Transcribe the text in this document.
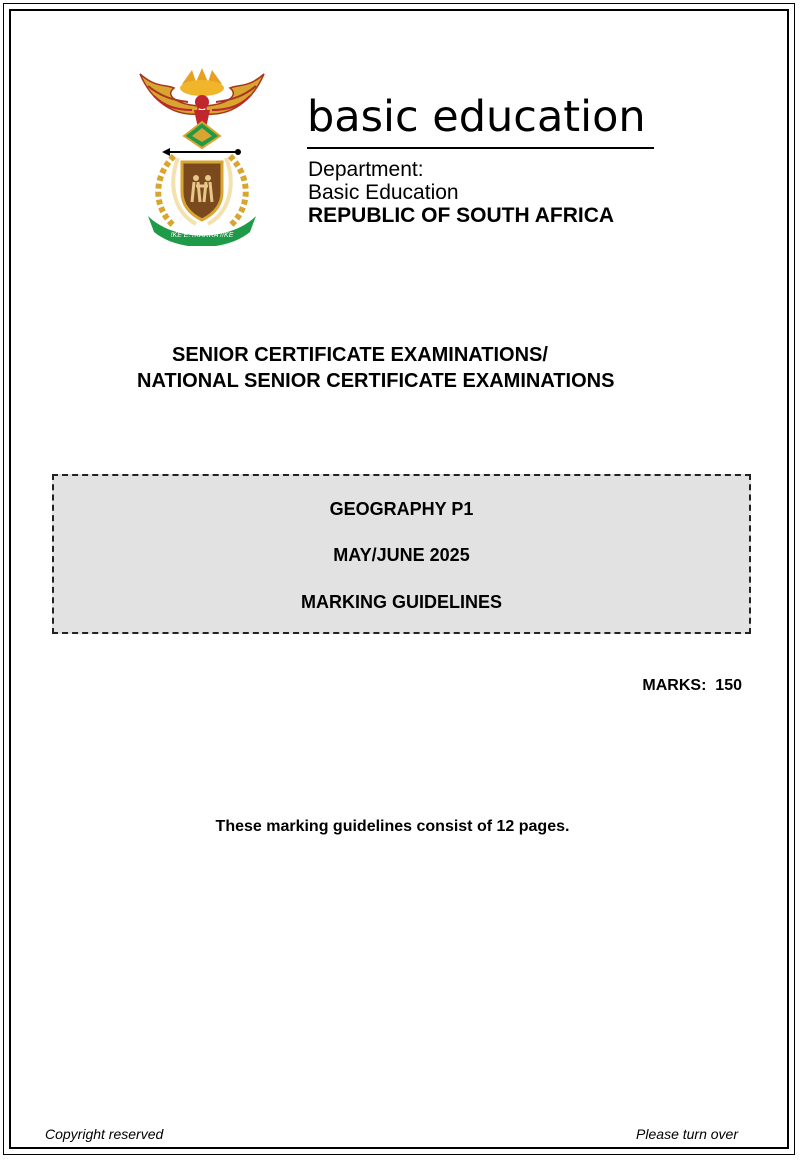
!KE E: /XARRA //KE
basic education
Department:
Basic Education
REPUBLIC OF SOUTH AFRICA
SENIOR CERTIFICATE EXAMINATIONS/
NATIONAL SENIOR CERTIFICATE EXAMINATIONS
GEOGRAPHY P1
MAY/JUNE 2025
MARKING GUIDELINES
MARKS:  150
These marking guidelines consist of 12 pages.
Copyright reserved	Please turn over
